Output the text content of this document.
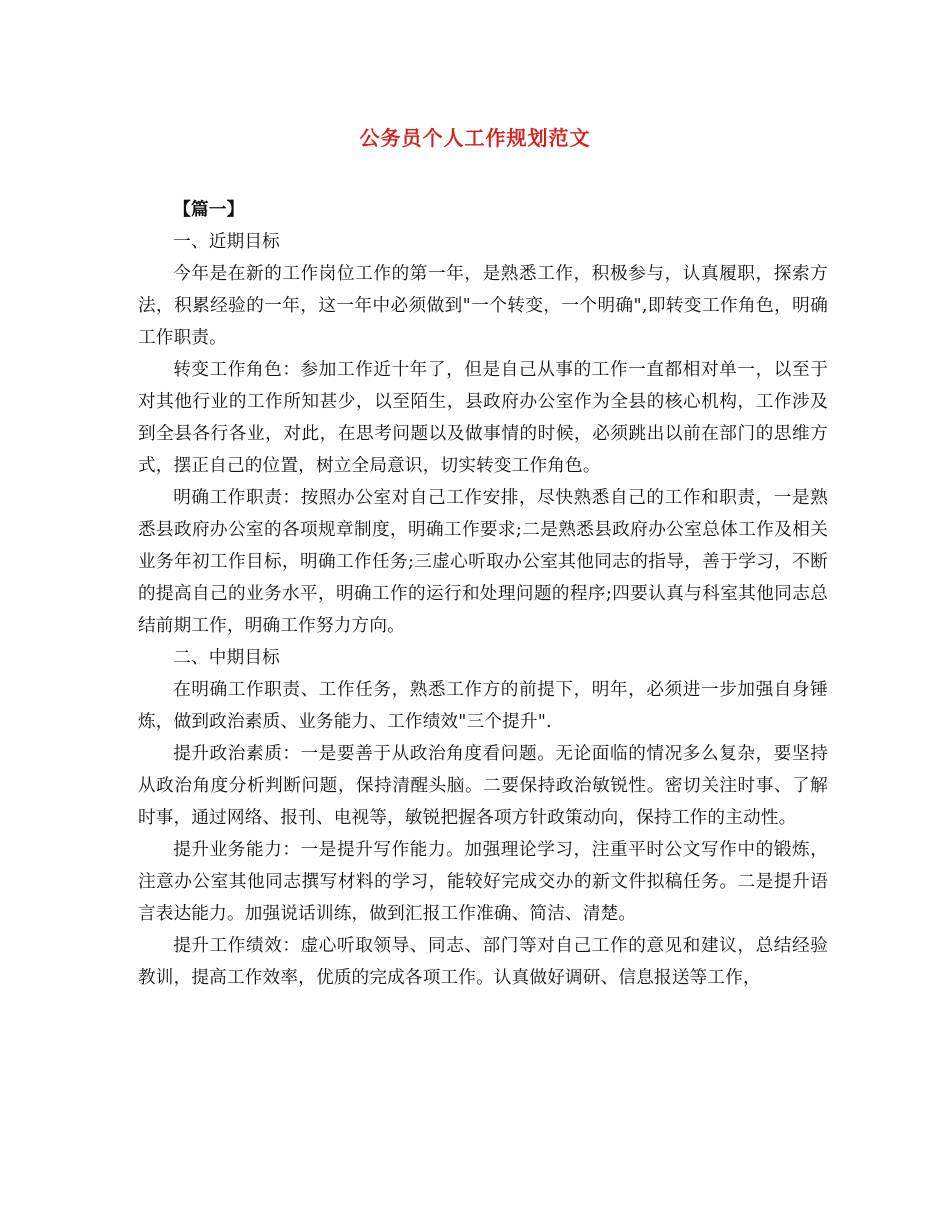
公务员个人工作规划范文

【篇一】

一、近期目标

今年是在新的工作岗位工作的第一年，是熟悉工作，积极参与，认真履职，探索方法，积累经验的一年，这一年中必须做到"一个转变，一个明确",即转变工作角色，明确工作职责。

转变工作角色：参加工作近十年了，但是自己从事的工作一直都相对单一，以至于对其他行业的工作所知甚少，以至陌生，县政府办公室作为全县的核心机构，工作涉及到全县各行各业，对此，在思考问题以及做事情的时候，必须跳出以前在部门的思维方式，摆正自己的位置，树立全局意识，切实转变工作角色。

明确工作职责：按照办公室对自己工作安排，尽快熟悉自己的工作和职责，一是熟悉县政府办公室的各项规章制度，明确工作要求;二是熟悉县政府办公室总体工作及相关业务年初工作目标，明确工作任务;三虚心听取办公室其他同志的指导，善于学习，不断的提高自己的业务水平，明确工作的运行和处理问题的程序;四要认真与科室其他同志总结前期工作，明确工作努力方向。

二、中期目标

在明确工作职责、工作任务，熟悉工作方的前提下，明年，必须进一步加强自身锤炼，做到政治素质、业务能力、工作绩效"三个提升".

提升政治素质：一是要善于从政治角度看问题。无论面临的情况多么复杂，要坚持从政治角度分析判断问题，保持清醒头脑。二要保持政治敏锐性。密切关注时事、了解时事，通过网络、报刊、电视等，敏锐把握各项方针政策动向，保持工作的主动性。

提升业务能力：一是提升写作能力。加强理论学习，注重平时公文写作中的锻炼，注意办公室其他同志撰写材料的学习，能较好完成交办的新文件拟稿任务。二是提升语言表达能力。加强说话训练，做到汇报工作准确、简洁、清楚。

提升工作绩效：虚心听取领导、同志、部门等对自己工作的意见和建议，总结经验教训，提高工作效率，优质的完成各项工作。认真做好调研、信息报送等工作，
